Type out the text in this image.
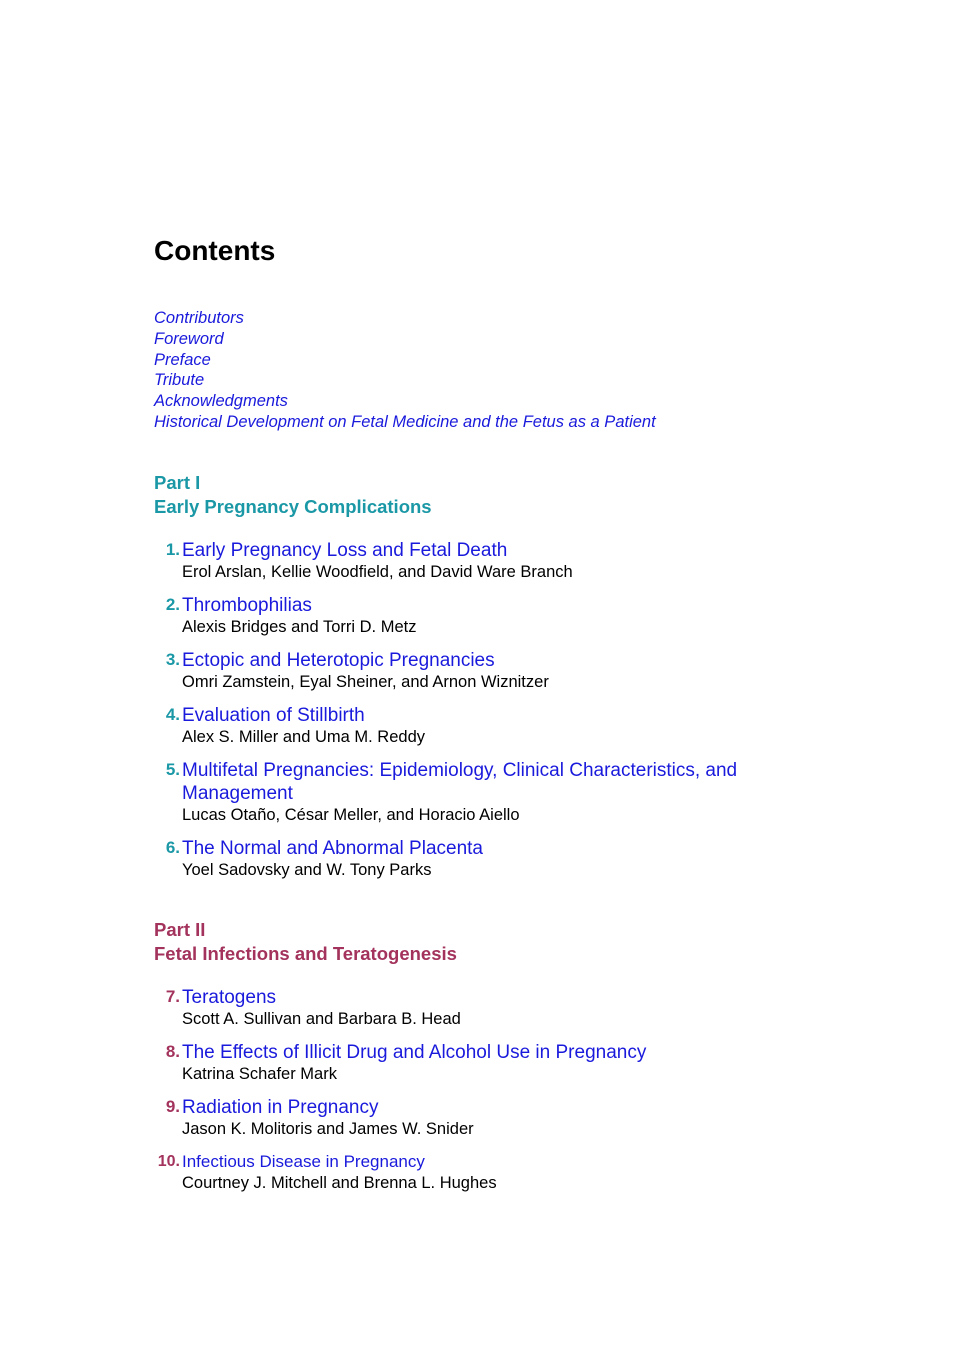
Contents
Contributors
Foreword
Preface
Tribute
Acknowledgments
Historical Development on Fetal Medicine and the Fetus as a Patient

Part I

Early Pregnancy Complications

1. Early Pregnancy Loss and Fetal Death
Erol Arslan, Kellie Woodfield, and David Ware Branch
2. Thrombophilias
Alexis Bridges and Torri D. Metz
3. Ectopic and Heterotopic Pregnancies
Omri Zamstein, Eyal Sheiner, and Arnon Wiznitzer
4. Evaluation of Stillbirth
Alex S. Miller and Uma M. Reddy
5. Multifetal Pregnancies: Epidemiology, Clinical Characteristics, and Management
Lucas Otaño, César Meller, and Horacio Aiello
6. The Normal and Abnormal Placenta
Yoel Sadovsky and W. Tony Parks

Part II

Fetal Infections and Teratogenesis

7. Teratogens
Scott A. Sullivan and Barbara B. Head
8. The Effects of Illicit Drug and Alcohol Use in Pregnancy
Katrina Schafer Mark
9. Radiation in Pregnancy
Jason K. Molitoris and James W. Snider
10. Infectious Disease in Pregnancy
Courtney J. Mitchell and Brenna L. Hughes
